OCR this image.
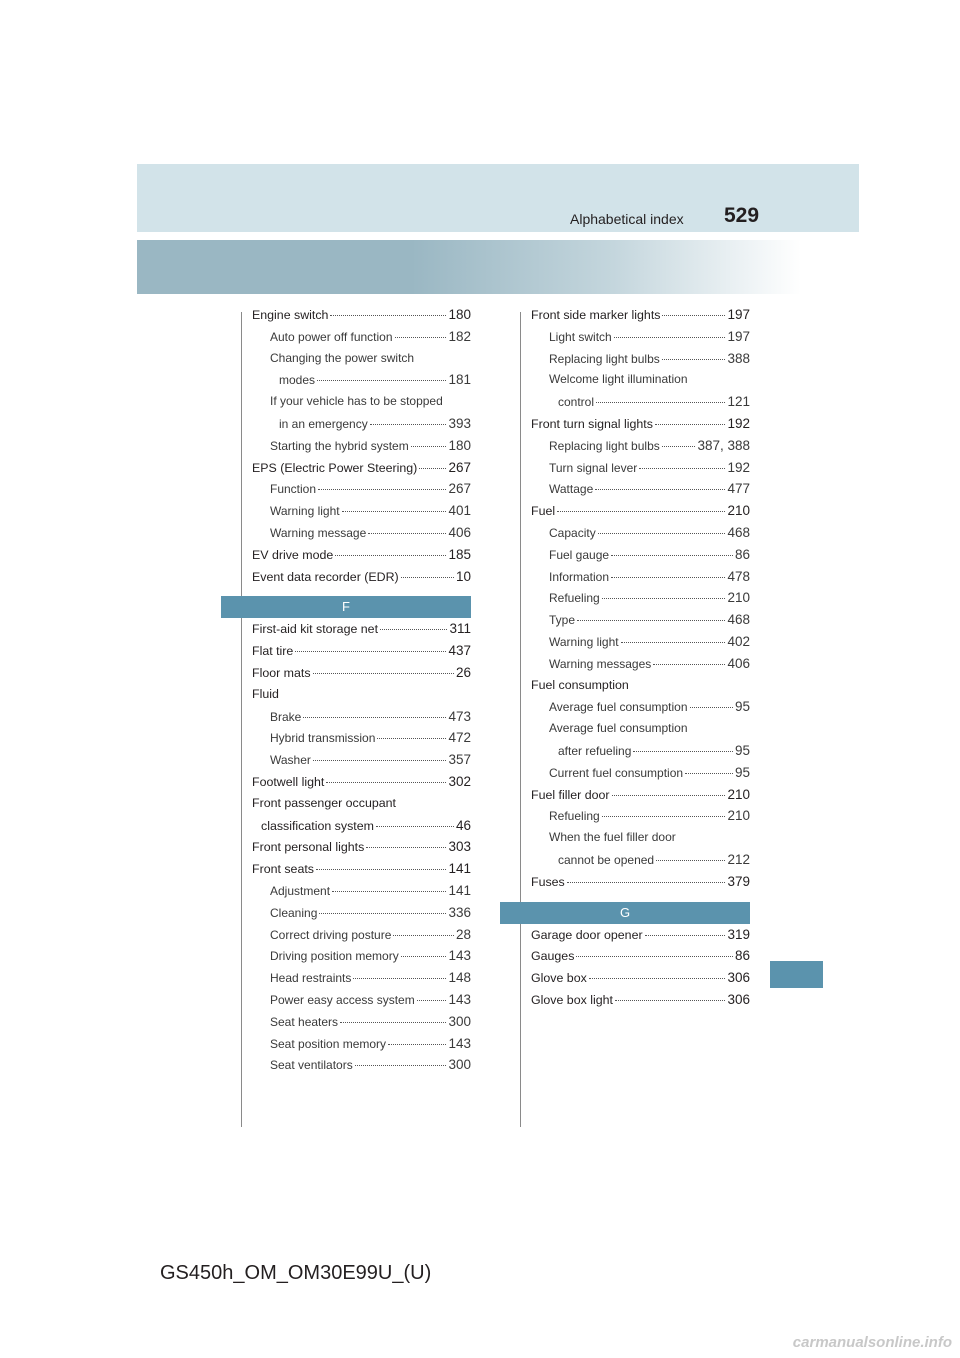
Alphabetical index 529
Engine switch	180
Auto power off function	182
Changing the power switch
modes	181
If your vehicle has to be stopped
in an emergency	393
Starting the hybrid system	180
EPS (Electric Power Steering) 267
Function	267
Warning light	401
Warning message	406
EV drive mode	185
Event data recorder (EDR)	10
F
First-aid kit storage net	311
Flat tire	437
Floor mats	26
Fluid
Brake	473
Hybrid transmission	472
Washer	357
Footwell light	302
Front passenger occupant
classification system	46
Front personal lights	303
Front seats	141
Adjustment	141
Cleaning	336
Correct driving posture	28
Driving position memory	143
Head restraints	148
Power easy access system	143
Seat heaters	300
Seat position memory	143
Seat ventilators	300
Front side marker lights	197
Light switch	197
Replacing light bulbs	388
Welcome light illumination
control	121
Front turn signal lights	192
Replacing light bulbs	387, 388
Turn signal lever	192
Wattage	477
Fuel	210
Capacity	468
Fuel gauge	86
Information	478
Refueling	210
Type	468
Warning light	402
Warning messages	406
Fuel consumption
Average fuel consumption	95
Average fuel consumption
after refueling	95
Current fuel consumption	95
Fuel filler door	210
Refueling	210
When the fuel filler door
cannot be opened	212
Fuses	379
G
Garage door opener	319
Gauges	86
Glove box	306
Glove box light	306
GS450h_OM_OM30E99U_(U)
carmanualsonline.info
